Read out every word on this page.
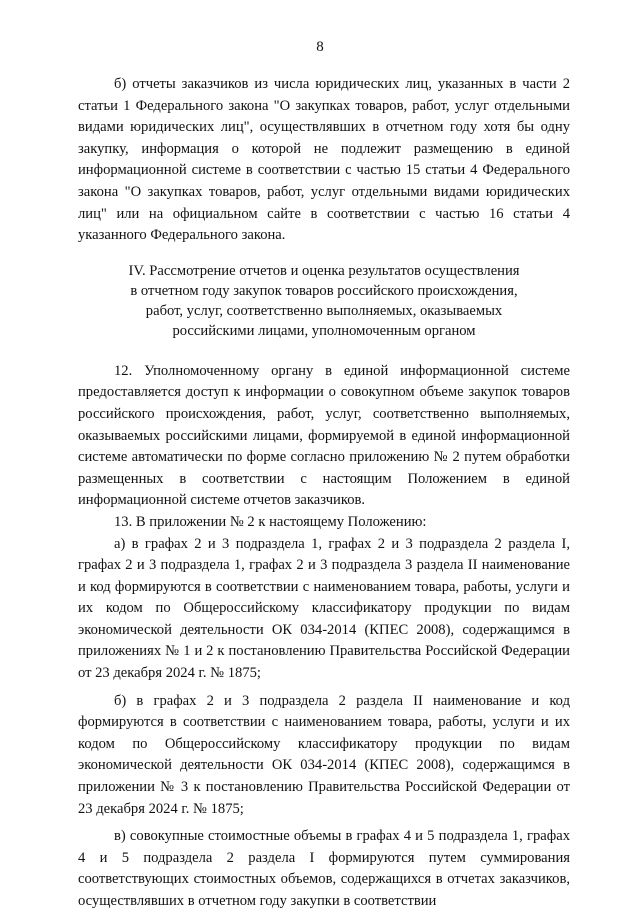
8

б) отчеты заказчиков из числа юридических лиц, указанных в части 2 статьи 1 Федерального закона "О закупках товаров, работ, услуг отдельными видами юридических лиц", осуществлявших в отчетном году хотя бы одну закупку, информация о которой не подлежит размещению в единой информационной системе в соответствии с частью 15 статьи 4 Федерального закона "О закупках товаров, работ, услуг отдельными видами юридических лиц" или на официальном сайте в соответствии с частью 16 статьи 4 указанного Федерального закона.

IV. Рассмотрение отчетов и оценка результатов осуществления
в отчетном году закупок товаров российского происхождения,
работ, услуг, соответственно выполняемых, оказываемых
российскими лицами, уполномоченным органом

12. Уполномоченному органу в единой информационной системе предоставляется доступ к информации о совокупном объеме закупок товаров российского происхождения, работ, услуг, соответственно выполняемых, оказываемых российскими лицами, формируемой в единой информационной системе автоматически по форме согласно приложению № 2 путем обработки размещенных в соответствии с настоящим Положением в единой информационной системе отчетов заказчиков.

13. В приложении № 2 к настоящему Положению:

а) в графах 2 и 3 подраздела 1, графах 2 и 3 подраздела 2 раздела I, графах 2 и 3 подраздела 1, графах 2 и 3 подраздела 3 раздела II наименование и код формируются в соответствии с наименованием товара, работы, услуги и их кодом по Общероссийскому классификатору продукции по видам экономической деятельности ОК 034-2014 (КПЕС 2008), содержащимся в приложениях № 1 и 2 к постановлению Правительства Российской Федерации от 23 декабря 2024 г. № 1875;

б) в графах 2 и 3 подраздела 2 раздела II наименование и код формируются в соответствии с наименованием товара, работы, услуги и их кодом по Общероссийскому классификатору продукции по видам экономической деятельности ОК 034-2014 (КПЕС 2008), содержащимся в приложении № 3 к постановлению Правительства Российской Федерации от 23 декабря 2024 г. № 1875;

в) совокупные стоимостные объемы в графах 4 и 5 подраздела 1, графах 4 и 5 подраздела 2 раздела I формируются путем суммирования соответствующих стоимостных объемов, содержащихся в отчетах заказчиков, осуществлявших в отчетном году закупки в соответствии
